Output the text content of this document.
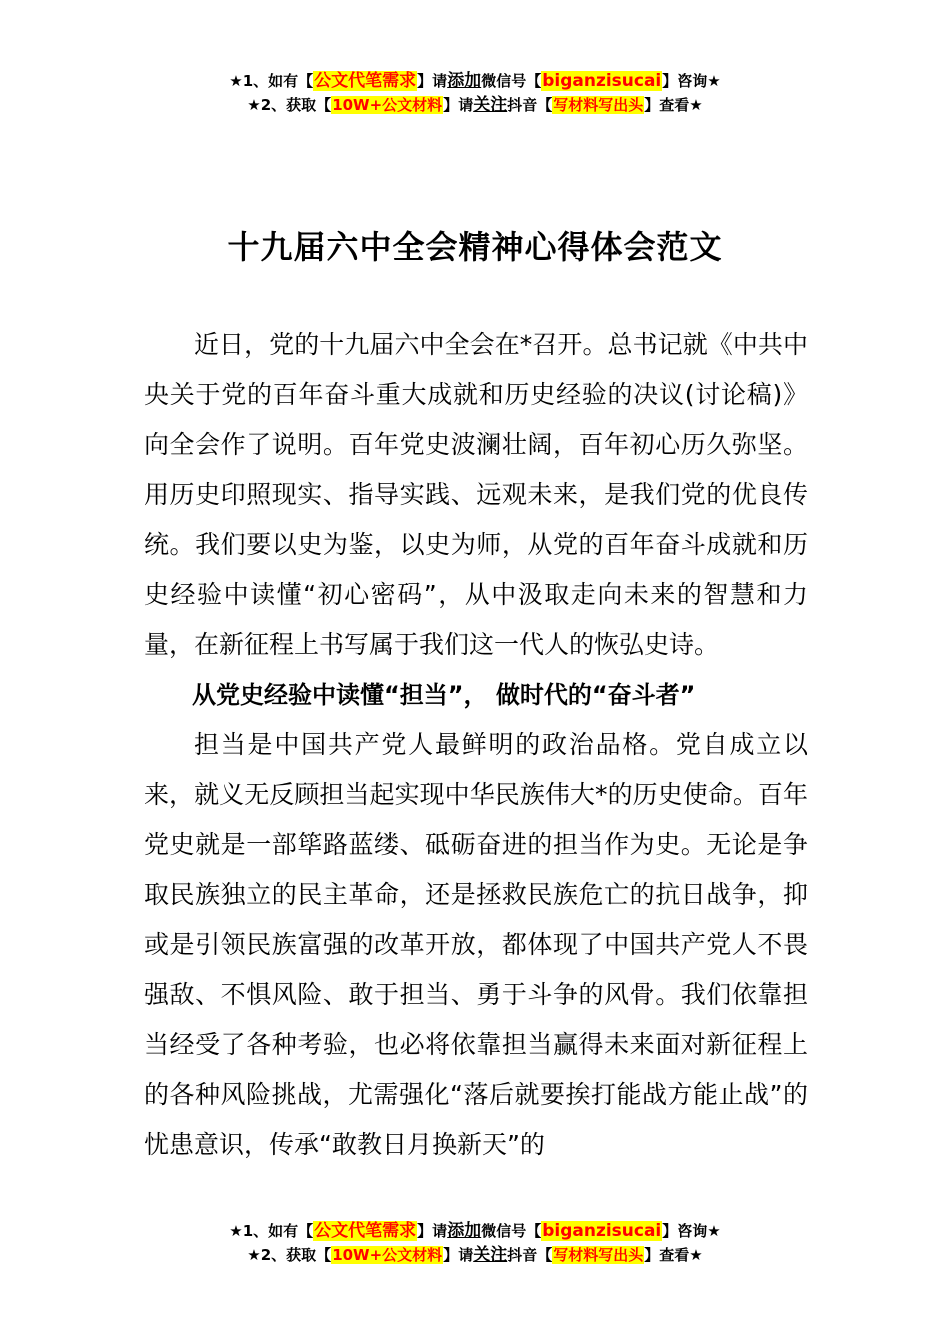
★1、如有【公文代笔需求】请添加微信号【biganzisucai】咨询★
★2、获取【10W+公文材料】请关注抖音【写材料写出头】查看★
十九届六中全会精神心得体会范文

近日，党的十九届六中全会在*召开。总书记就《中共中央关于党的百年奋斗重大成就和历史经验的决议(讨论稿)》向全会作了说明。百年党史波澜壮阔，百年初心历久弥坚。用历史印照现实、指导实践、远观未来，是我们党的优良传统。我们要以史为鉴，以史为师，从党的百年奋斗成就和历史经验中读懂“初心密码”，从中汲取走向未来的智慧和力量，在新征程上书写属于我们这一代人的恢弘史诗。

从党史经验中读懂“担当”， 做时代的“奋斗者”

担当是中国共产党人最鲜明的政治品格。党自成立以来，就义无反顾担当起实现中华民族伟大*的历史使命。百年党史就是一部筚路蓝缕、砥砺奋进的担当作为史。无论是争取民族独立的民主革命，还是拯救民族危亡的抗日战争，抑或是引领民族富强的改革开放，都体现了中国共产党人不畏强敌、不惧风险、敢于担当、勇于斗争的风骨。我们依靠担当经受了各种考验，也必将依靠担当赢得未来面对新征程上的各种风险挑战，尤需强化“落后就要挨打能战方能止战”的忧患意识，传承“敢教日月换新天”的

★1、如有【公文代笔需求】请添加微信号【biganzisucai】咨询★
★2、获取【10W+公文材料】请关注抖音【写材料写出头】查看★
